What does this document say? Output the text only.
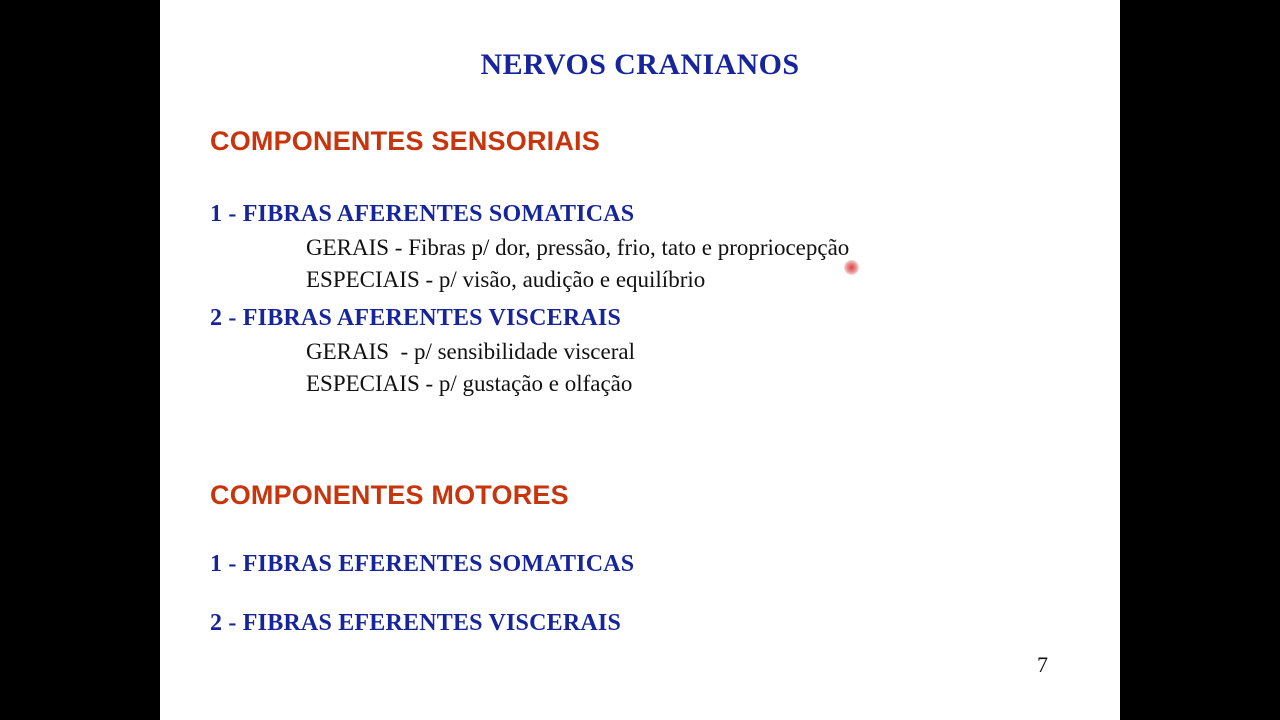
NERVOS CRANIANOS
COMPONENTES SENSORIAIS
1 - FIBRAS AFERENTES SOMATICAS
GERAIS - Fibras p/ dor, pressão, frio, tato e propriocepção
ESPECIAIS - p/ visão, audição e equilíbrio
2 - FIBRAS AFERENTES VISCERAIS
GERAIS  - p/ sensibilidade visceral
ESPECIAIS - p/ gustação e olfação
COMPONENTES MOTORES
1 - FIBRAS EFERENTES SOMATICAS
2 - FIBRAS EFERENTES VISCERAIS
7
